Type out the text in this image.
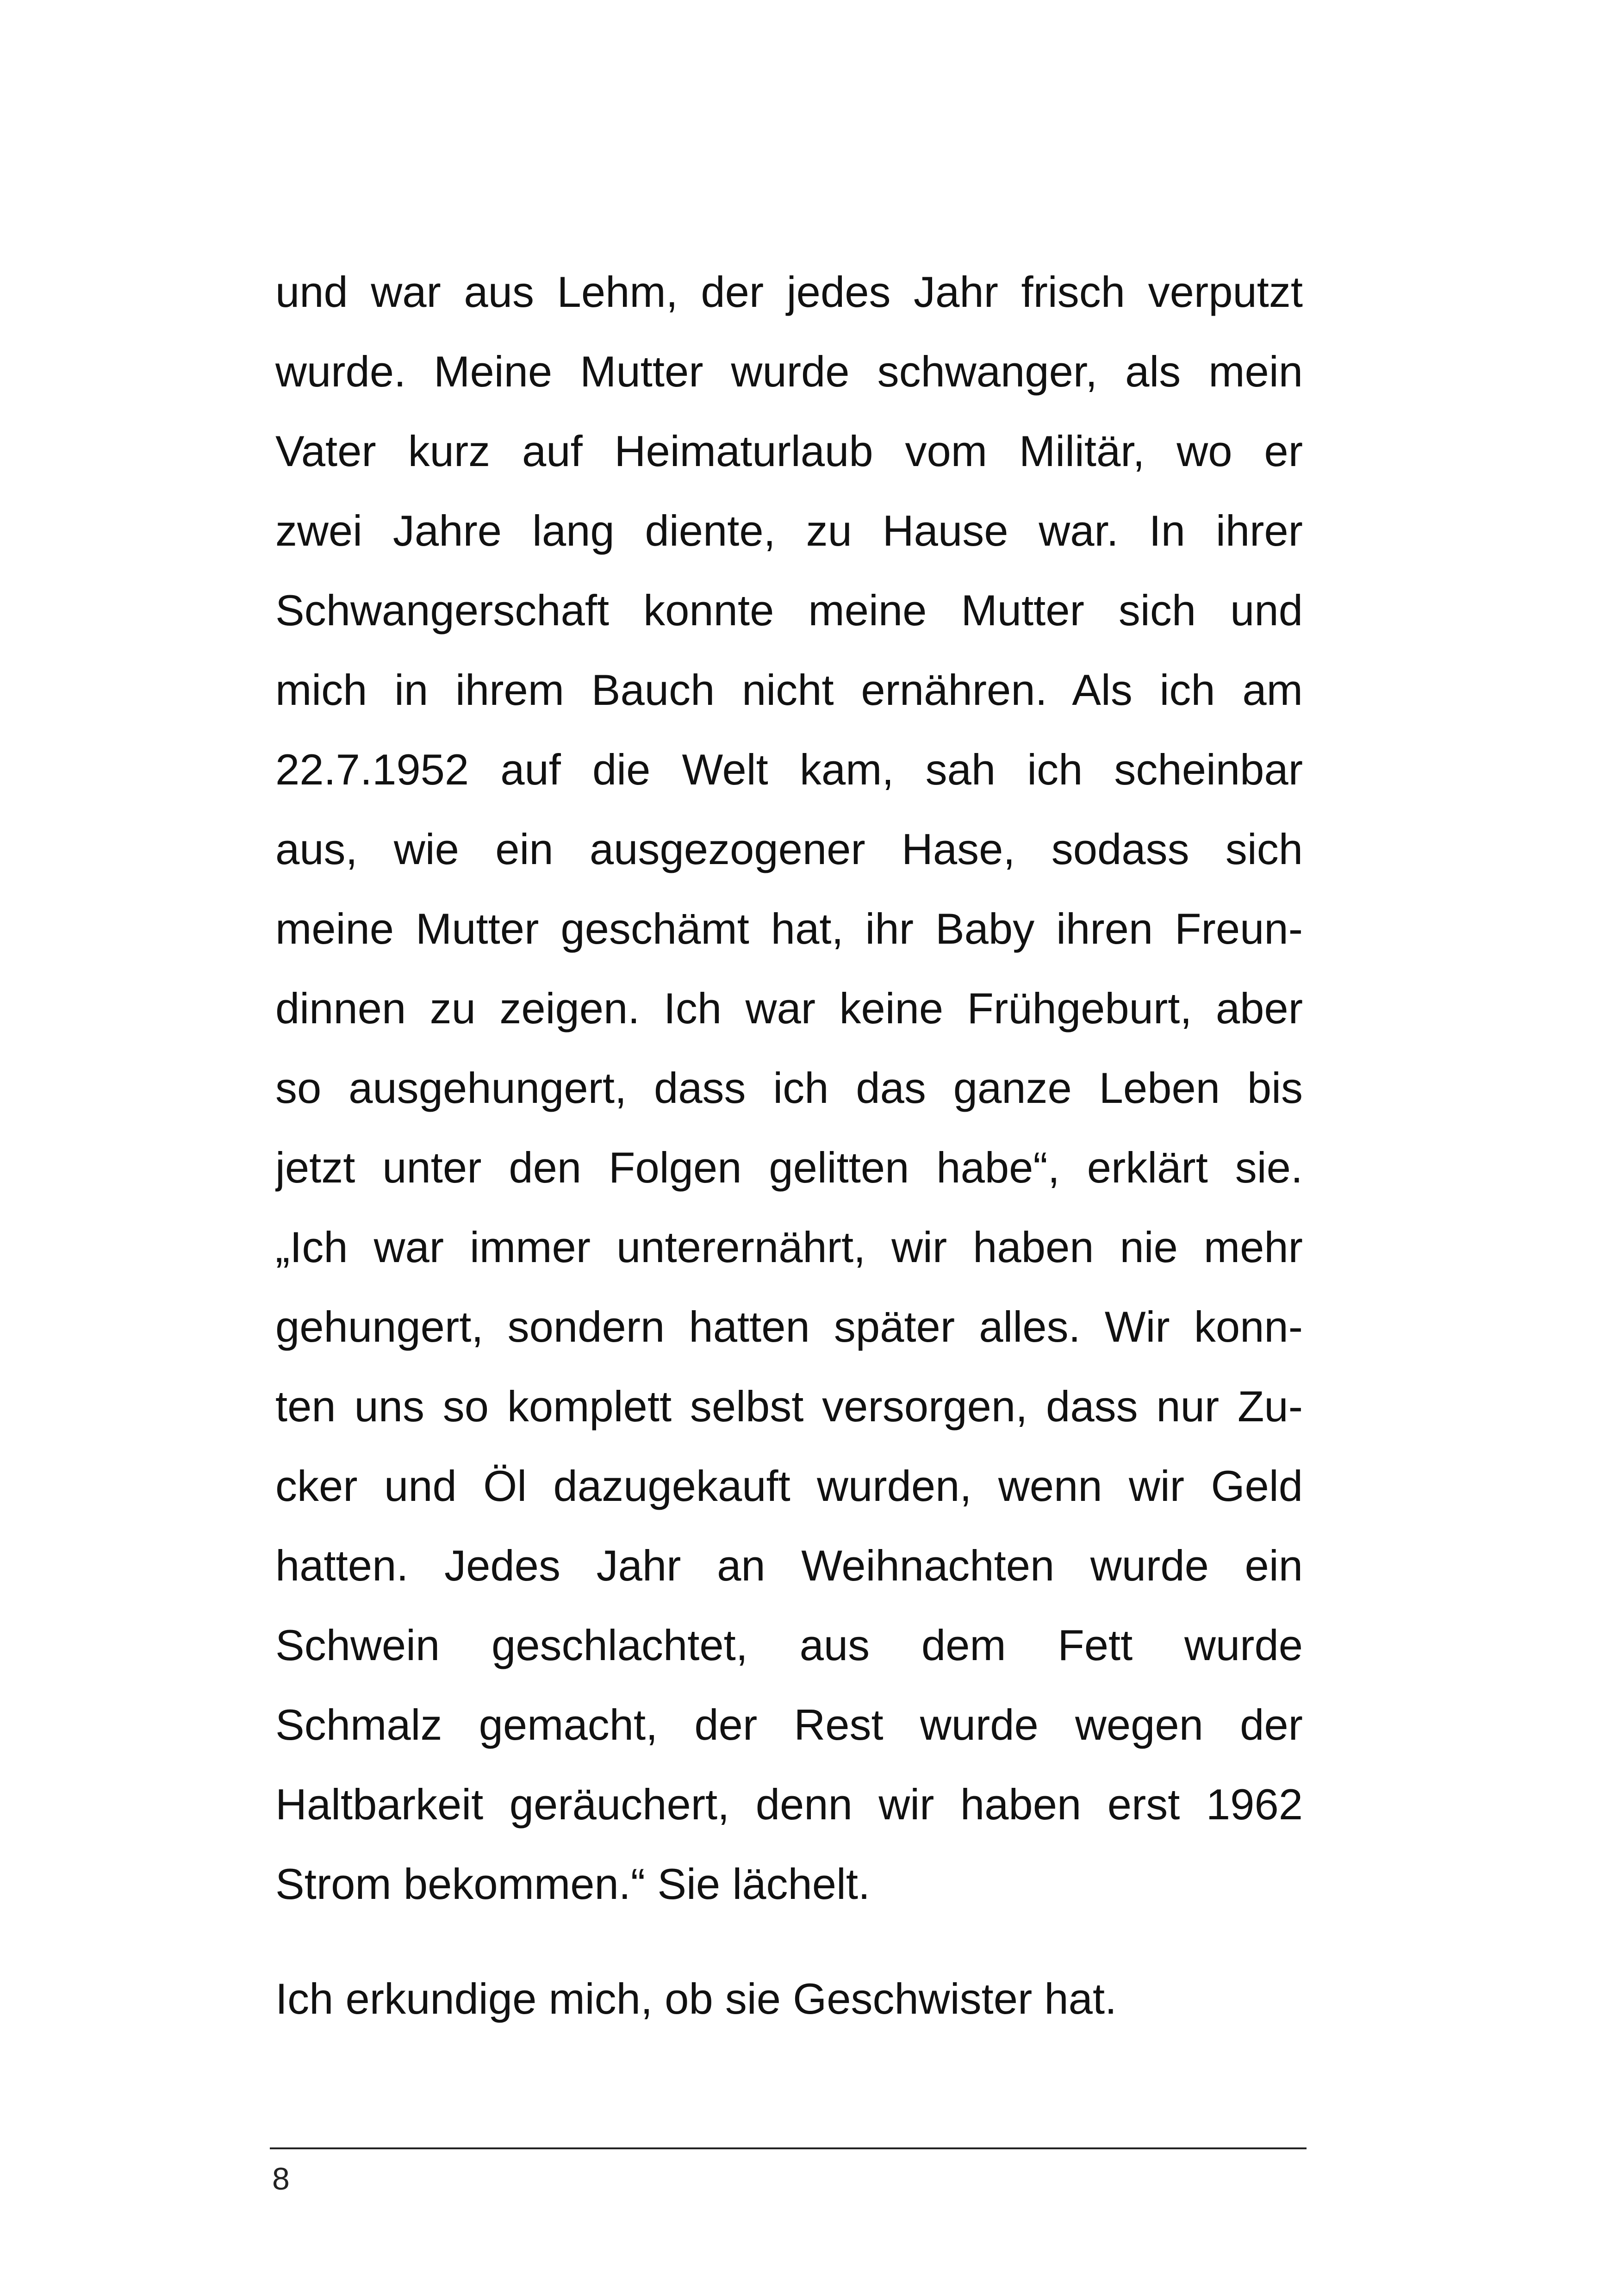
und war aus Lehm, der jedes Jahr frisch verputzt
wurde. Meine Mutter wurde schwanger, als mein
Vater kurz auf Heimaturlaub vom Militär, wo er
zwei Jahre lang diente, zu Hause war. In ihrer
Schwangerschaft konnte meine Mutter sich und
mich in ihrem Bauch nicht ernähren. Als ich am
22.7.1952 auf die Welt kam, sah ich scheinbar
aus, wie ein ausgezogener Hase, sodass sich
meine Mutter geschämt hat, ihr Baby ihren Freun-
dinnen zu zeigen. Ich war keine Frühgeburt, aber
so ausgehungert, dass ich das ganze Leben bis
jetzt unter den Folgen gelitten habe“, erklärt sie.
„Ich war immer unterernährt, wir haben nie mehr
gehungert, sondern hatten später alles. Wir konn-
ten uns so komplett selbst versorgen, dass nur Zu-
cker und Öl dazugekauft wurden, wenn wir Geld
hatten. Jedes Jahr an Weihnachten wurde ein
Schwein geschlachtet, aus dem Fett wurde
Schmalz gemacht, der Rest wurde wegen der
Haltbarkeit geräuchert, denn wir haben erst 1962
Strom bekommen.“ Sie lächelt.
Ich erkundige mich, ob sie Geschwister hat.
8
